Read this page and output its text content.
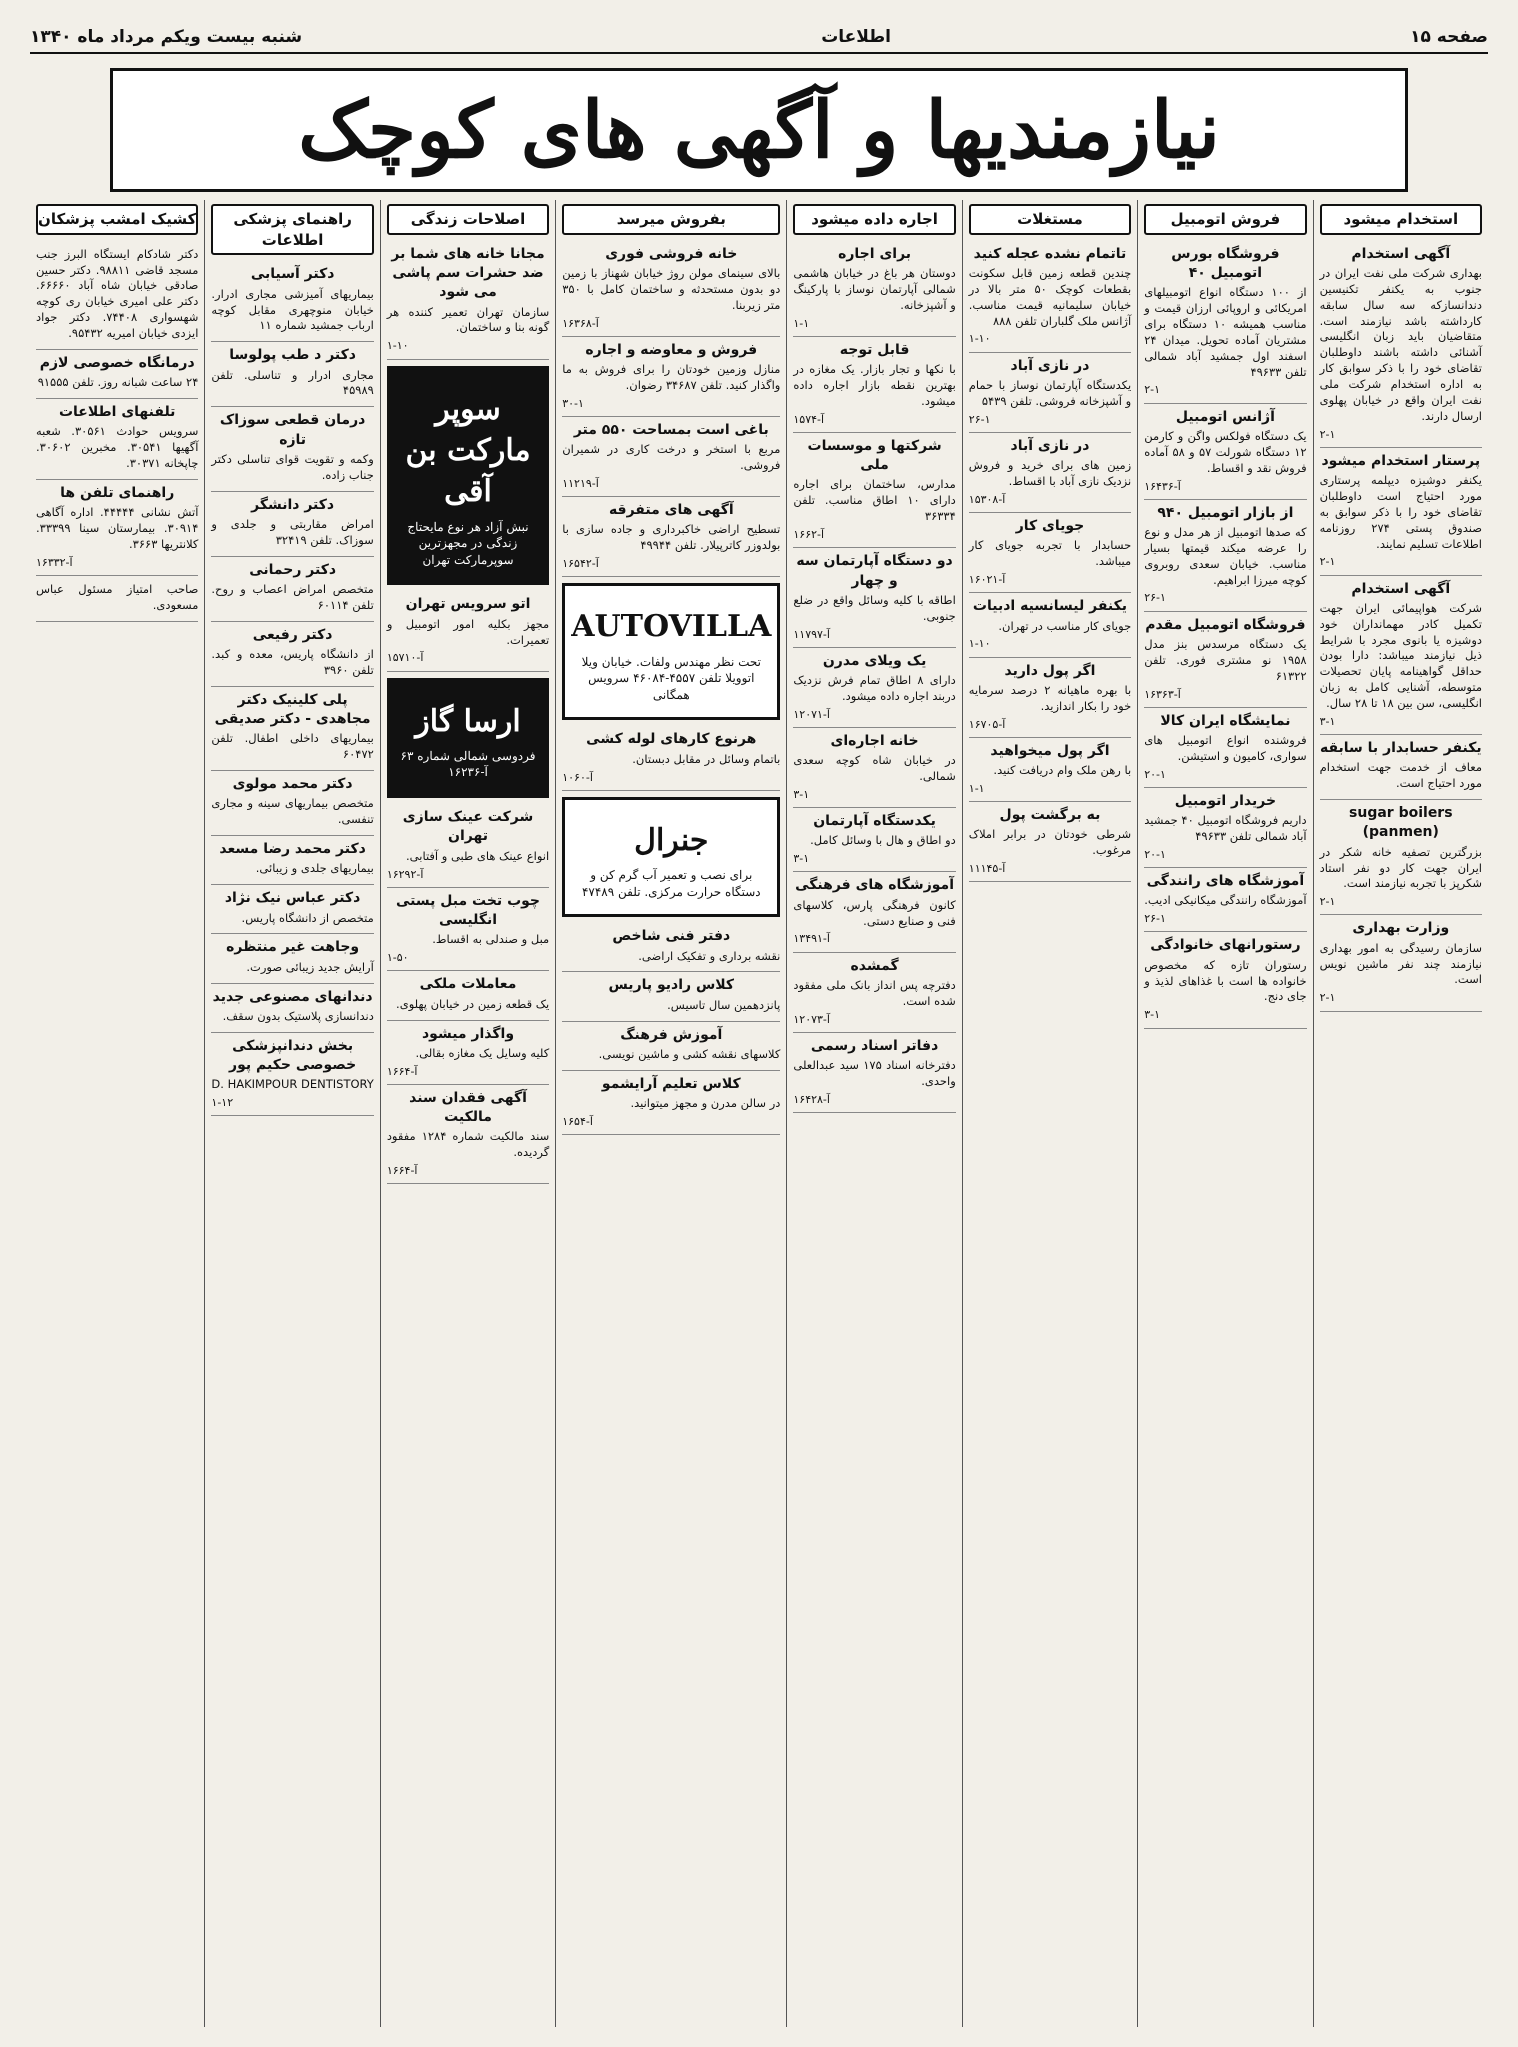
صفحه ۱۵
اطلاعات
شنبه بیست ویکم مرداد ماه ۱۳۴۰
نیازمندیها و آگهی های کوچک
استخدام میشود
آگهی استخدام
بهداری شرکت ملی نفت ایران در جنوب به یکنفر تکنیسین دندانسازکه سه سال سابقه کارداشته باشد نیازمند است. متقاضیان باید زبان انگلیسی آشنائی داشته باشند داوطلبان تقاضای خود را با ذکر سوابق کار به اداره استخدام شرکت ملی نفت ایران واقع در خیابان پهلوی ارسال دارند.
۲-۱
پرستار استخدام میشود
یکنفر دوشیزه دیپلمه پرستاری مورد احتیاج است داوطلبان تقاضای خود را با ذکر سوابق به صندوق پستی ۲۷۴ روزنامه اطلاعات تسلیم نمایند.
۲-۱
آگهی استخدام
شرکت هواپیمائی ایران جهت تکمیل کادر مهمانداران خود دوشیزه یا بانوی مجرد با شرایط ذیل نیازمند میباشد: دارا بودن حداقل گواهینامه پایان تحصیلات متوسطه، آشنایی کامل به زبان انگلیسی، سن بین ۱۸ تا ۲۸ سال.
۳-۱
یکنفر حسابدار با سابقه
معاف از خدمت جهت استخدام مورد احتیاج است.
sugar boilers (panmen)
بزرگترین تصفیه خانه شکر در ایران جهت کار دو نفر استاد شکرپز با تجربه نیازمند است.
۲-۱
وزارت بهداری
سازمان رسیدگی به امور بهداری نیازمند چند نفر ماشین نویس است.
۲-۱
فروش اتومبیل
فروشگاه بورس اتومبیل ۴۰
از ۱۰۰ دستگاه انواع اتومبیلهای امریکائی و اروپائی ارزان قیمت و مناسب همیشه ۱۰ دستگاه برای مشتریان آماده تحویل. میدان ۲۴ اسفند اول جمشید آباد شمالی تلفن ۴۹۶۳۳
۲-۱
آژانس اتومبیل
یک دستگاه فولکس واگن و کارمن ۱۲ دستگاه شورلت ۵۷ و ۵۸ آماده فروش نقد و اقساط.
آ-۱۶۴۳۶
از بازار اتومبیل ۹۴۰
که صدها اتومبیل از هر مدل و نوع را عرضه میکند قیمتها بسیار مناسب. خیابان سعدی روبروی کوچه میرزا ابراهیم.
۲۶-۱
فروشگاه اتومبیل مقدم
یک دستگاه مرسدس بنز مدل ۱۹۵۸ نو مشتری فوری. تلفن ۶۱۳۲۲
آ-۱۶۳۶۳
نمایشگاه ایران کالا
فروشنده انواع اتومبیل های سواری، کامیون و استیشن.
۲۰-۱
خریدار اتومبیل
داریم فروشگاه اتومبیل ۴۰ جمشید آباد شمالی تلفن ۴۹۶۳۳
۲۰-۱
آموزشگاه های رانندگی
آموزشگاه رانندگی میکانیکی ادیب.
۲۶-۱
رستورانهای خانوادگی
رستوران تازه که مخصوص خانواده ها است با غذاهای لذیذ و جای دنج.
۳-۱
مستغلات
تاتمام نشده عجله کنید
چندین قطعه زمین قابل سکونت بقطعات کوچک ۵۰ متر بالا در خیابان سلیمانیه قیمت مناسب. آژانس ملک گلباران تلفن ۸۸۸
۱-۱۰
در نازی آباد
یکدستگاه آپارتمان نوساز با حمام و آشپزخانه فروشی. تلفن ۵۴۳۹
۲۶-۱
در نازی آباد
زمین های برای خرید و فروش نزدیک نازی آباد با اقساط.
آ-۱۵۳۰۸
جویای کار
حسابدار با تجربه جویای کار میباشد.
آ-۱۶۰۲۱
یکنفر لیسانسیه ادبیات
جویای کار مناسب در تهران.
۱-۱۰
اگر پول دارید
با بهره ماهیانه ۲ درصد سرمایه خود را بکار اندازید.
آ-۱۶۷۰۵
اگر پول میخواهید
با رهن ملک وام دریافت کنید.
۱-۱
به برگشت پول
شرطی خودتان در برابر املاک مرغوب.
آ-۱۱۱۴۵
اجاره داده میشود
برای اجاره
دوستان هر باغ در خیابان هاشمی شمالی آپارتمان نوساز با پارکینگ و آشپزخانه.
۱-۱
قابل توجه
با نکها و تجار بازار. یک مغازه در بهترین نقطه بازار اجاره داده میشود.
آ-۱۵۷۴
شرکتها و موسسات ملی
مدارس، ساختمان برای اجاره دارای ۱۰ اطاق مناسب. تلفن ۳۶۳۳۴
آ-۱۶۶۲
دو دستگاه آپارتمان سه و چهار
اطاقه با کلیه وسائل واقع در ضلع جنوبی.
آ-۱۱۷۹۷
یک ویلای مدرن
دارای ۸ اطاق تمام فرش نزدیک دربند اجاره داده میشود.
آ-۱۲۰۷۱
خانه اجاره‌ای
در خیابان شاه کوچه سعدی شمالی.
۳-۱
یکدستگاه آپارتمان
دو اطاق و هال با وسائل کامل.
۳-۱
آموزشگاه های فرهنگی
کانون فرهنگی پارس، کلاسهای فنی و صنایع دستی.
آ-۱۳۴۹۱
گمشده
دفترچه پس انداز بانک ملی مفقود شده است.
آ-۱۲۰۷۳
دفاتر اسناد رسمی
دفترخانه اسناد ۱۷۵ سید عبدالعلی واحدی.
آ-۱۶۴۲۸
بفروش میرسد
خانه فروشی فوری
بالای سینمای مولن روژ خیابان شهناز با زمین دو بدون مستحدثه و ساختمان کامل با ۳۵۰ متر زیربنا.
آ-۱۶۳۶۸
فروش و معاوضه و اجاره
منازل وزمین خودتان را برای فروش به ما واگذار کنید. تلفن ۳۴۶۸۷ رضوان.
۳۰-۱
باغی است بمساحت ۵۵۰ متر
مربع با استخر و درخت کاری در شمیران فروشی.
آ-۱۱۲۱۹
آگهی های متفرقه
تسطیح اراضی خاکبرداری و جاده سازی با بولدوزر کاترپیلار. تلفن ۴۹۹۴۴
آ-۱۶۵۴۲
AUTOVILLA
تحت نظر مهندس ولفات. خیابان ویلا اتوویلا تلفن ۴۵۵۷-۴۶۰۸۴ سرویس همگانی
هرنوع کارهای لوله کشی
باتمام وسائل در مقابل دبستان.
آ-۱۰۶۰
جنرال
برای نصب و تعمیر آب گرم کن و دستگاه حرارت مرکزی. تلفن ۴۷۴۸۹
دفتر فنی شاخص
نقشه برداری و تفکیک اراضی.
کلاس رادیو پاریس
پانزدهمین سال تاسیس.
آموزش فرهنگ
کلاسهای نقشه کشی و ماشین نویسی.
کلاس تعلیم آرایشمو
در سالن مدرن و مجهز میتوانید.
آ-۱۶۵۴
اصلاحات زندگی
مجانا خانه های شما بر ضد حشرات سم پاشی می شود
سازمان تهران تعمیر کننده هر گونه بنا و ساختمان.
۱-۱۰
سوپر مارکت بن آقی
نبش آزاد هر نوع مایحتاج زندگی در مجهزترین سوپرمارکت تهران
اتو سرویس تهران
مجهز بکلیه امور اتومبیل و تعمیرات.
آ-۱۵۷۱۰
ارسا گاز
فردوسی شمالی شماره ۶۳
آ-۱۶۲۳۶
شرکت عینک سازی تهران
انواع عینک های طبی و آفتابی.
آ-۱۶۲۹۲
چوب تخت مبل پستی انگلیسی
مبل و صندلی به اقساط.
۱-۵۰
معاملات ملکی
یک قطعه زمین در خیابان پهلوی.
واگذار میشود
کلیه وسایل یک مغازه بقالی.
آ-۱۶۶۴
آگهی فقدان سند مالکیت
سند مالکیت شماره ۱۲۸۴ مفقود گردیده.
آ-۱۶۶۴
راهنمای پزشکی اطلاعات
دکتر آسیابی
بیماریهای آمیزشی مجاری ادرار. خیابان منوچهری مقابل کوچه ارباب جمشید شماره ۱۱
دکتر د طب پولوسا
مجاری ادرار و تناسلی. تلفن ۴۵۹۸۹
درمان قطعی سوزاک تازه
وکمه و تقویت قوای تناسلی دکتر جناب زاده.
دکتر دانشگر
امراض مقاربتی و جلدی و سوزاک. تلفن ۳۲۴۱۹
دکتر رحمانی
متخصص امراض اعصاب و روح. تلفن ۶۰۱۱۴
دکتر رفیعی
از دانشگاه پاریس، معده و کبد. تلفن ۳۹۶۰
پلی کلینیک دکتر مجاهدی - دکتر صدیقی
بیماریهای داخلی اطفال. تلفن ۶۰۴۷۲
دکتر محمد مولوی
متخصص بیماریهای سینه و مجاری تنفسی.
دکتر محمد رضا مسعد
بیماریهای جلدی و زیبائی.
دکتر عباس نیک نژاد
متخصص از دانشگاه پاریس.
وجاهت غیر منتظره
آرایش جدید زیبائی صورت.
دندانهای مصنوعی جدید
دندانسازی پلاستیک بدون سقف.
بخش دندانپزشکی خصوصی حکیم پور
D. HAKIMPOUR DENTISTORY
۱-۱۲
کشیک امشب پزشکان
دکتر شادکام ایستگاه البرز جنب مسجد قاضی ۹۸۸۱۱. دکتر حسین صادقی خیابان شاه آباد ۶۶۶۶۰. دکتر علی امیری خیابان ری کوچه شهسواری ۷۴۴۰۸. دکتر جواد ایزدی خیابان امیریه ۹۵۴۳۲.
درمانگاه خصوصی لازم
۲۴ ساعت شبانه روز. تلفن ۹۱۵۵۵
تلفنهای اطلاعات
سرویس حوادث ۳۰۵۶۱. شعبه آگهیها ۳۰۵۴۱. مخبرین ۳۰۶۰۲. چاپخانه ۳۰۳۷۱.
راهنمای تلفن ها
آتش نشانی ۴۴۴۴۴. اداره آگاهی ۳۰۹۱۴. بیمارستان سینا ۳۳۳۹۹. کلانتریها ۳۶۶۳.
آ-۱۶۳۳۲
صاحب امتیاز مسئول عباس مسعودی.
